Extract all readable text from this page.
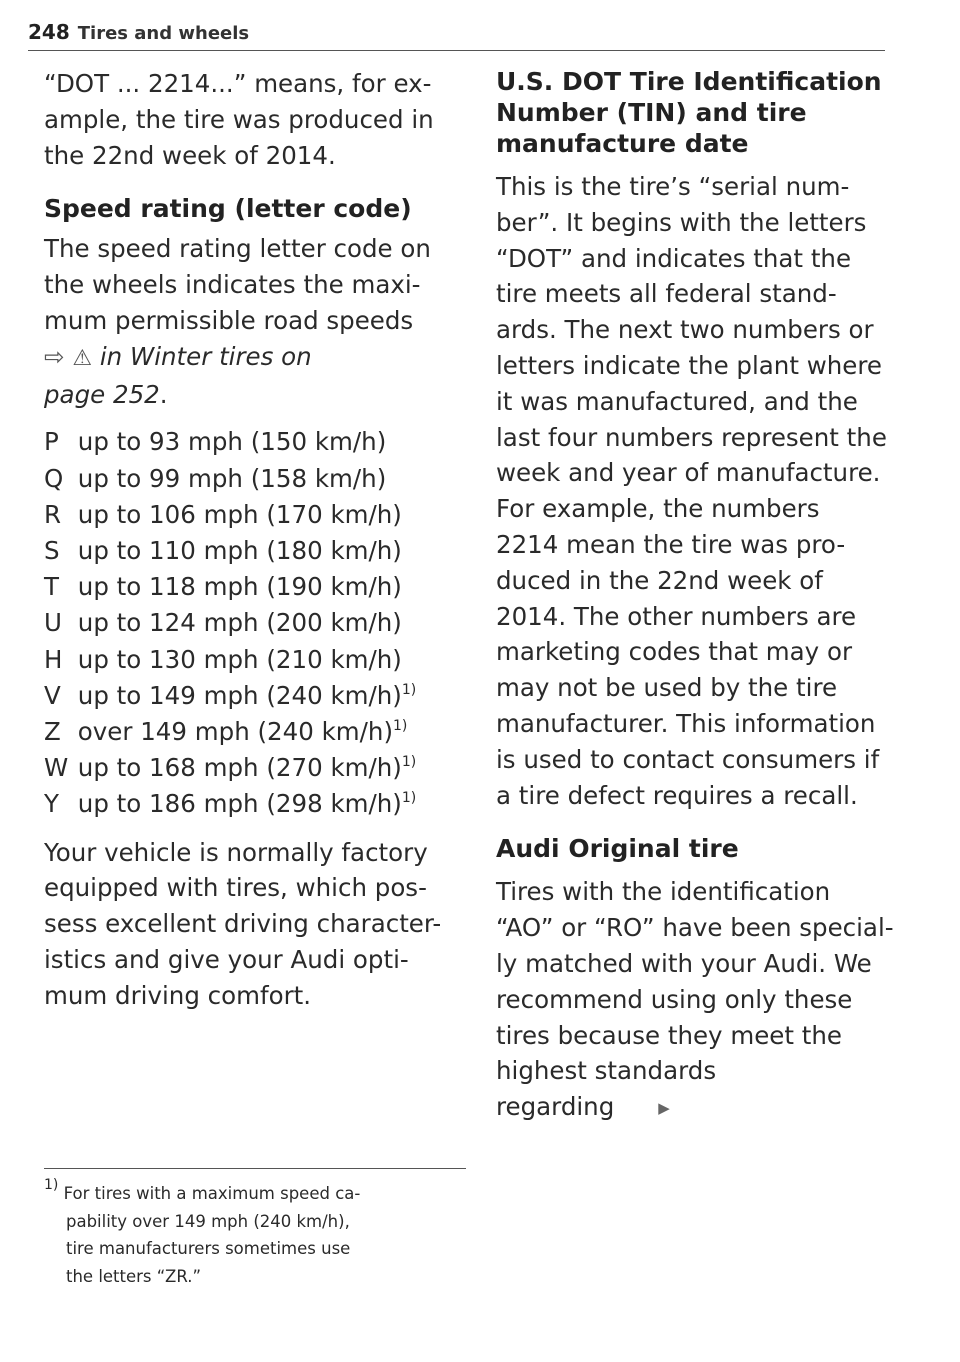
248 Tires and wheels

“DOT ... 2214...” means, for ex-
ample, the tire was produced in
the 22nd week of 2014.

Speed rating (letter code)

The speed rating letter code on
the wheels indicates the maxi-
mum permissible road speeds
⇨ ⚠ in Winter tires on
page 252.

P up to 93 mph (150 km/h)
Q up to 99 mph (158 km/h)
R up to 106 mph (170 km/h)
S up to 110 mph (180 km/h)
T up to 118 mph (190 km/h)
U up to 124 mph (200 km/h)
H up to 130 mph (210 km/h)
V up to 149 mph (240 km/h)$^{1)}$
Z over 149 mph (240 km/h)$^{1)}$
W up to 168 mph (270 km/h)$^{1)}$
Y up to 186 mph (298 km/h)$^{1)}$

Your vehicle is normally factory
equipped with tires, which pos-
sess excellent driving character-
istics and give your Audi opti-
mum driving comfort.

$^{1)}$ For tires with a maximum speed ca-
pability over 149 mph (240 km/h),
tire manufacturers sometimes use
the letters “ZR.”
U.S. DOT Tire Identification
Number (TIN) and tire
manufacture date

This is the tire’s “serial num-
ber”. It begins with the letters
“DOT” and indicates that the
tire meets all federal stand-
ards. The next two numbers or
letters indicate the plant where
it was manufactured, and the
last four numbers represent the
week and year of manufacture.
For example, the numbers
2214 mean the tire was pro-
duced in the 22nd week of
2014. The other numbers are
marketing codes that may or
may not be used by the tire
manufacturer. This information
is used to contact consumers if
a tire defect requires a recall.

Audi Original tire

Tires with the identification
“AO” or “RO” have been special-
ly matched with your Audi. We
recommend using only these
tires because they meet the
highest standards regarding	▶
